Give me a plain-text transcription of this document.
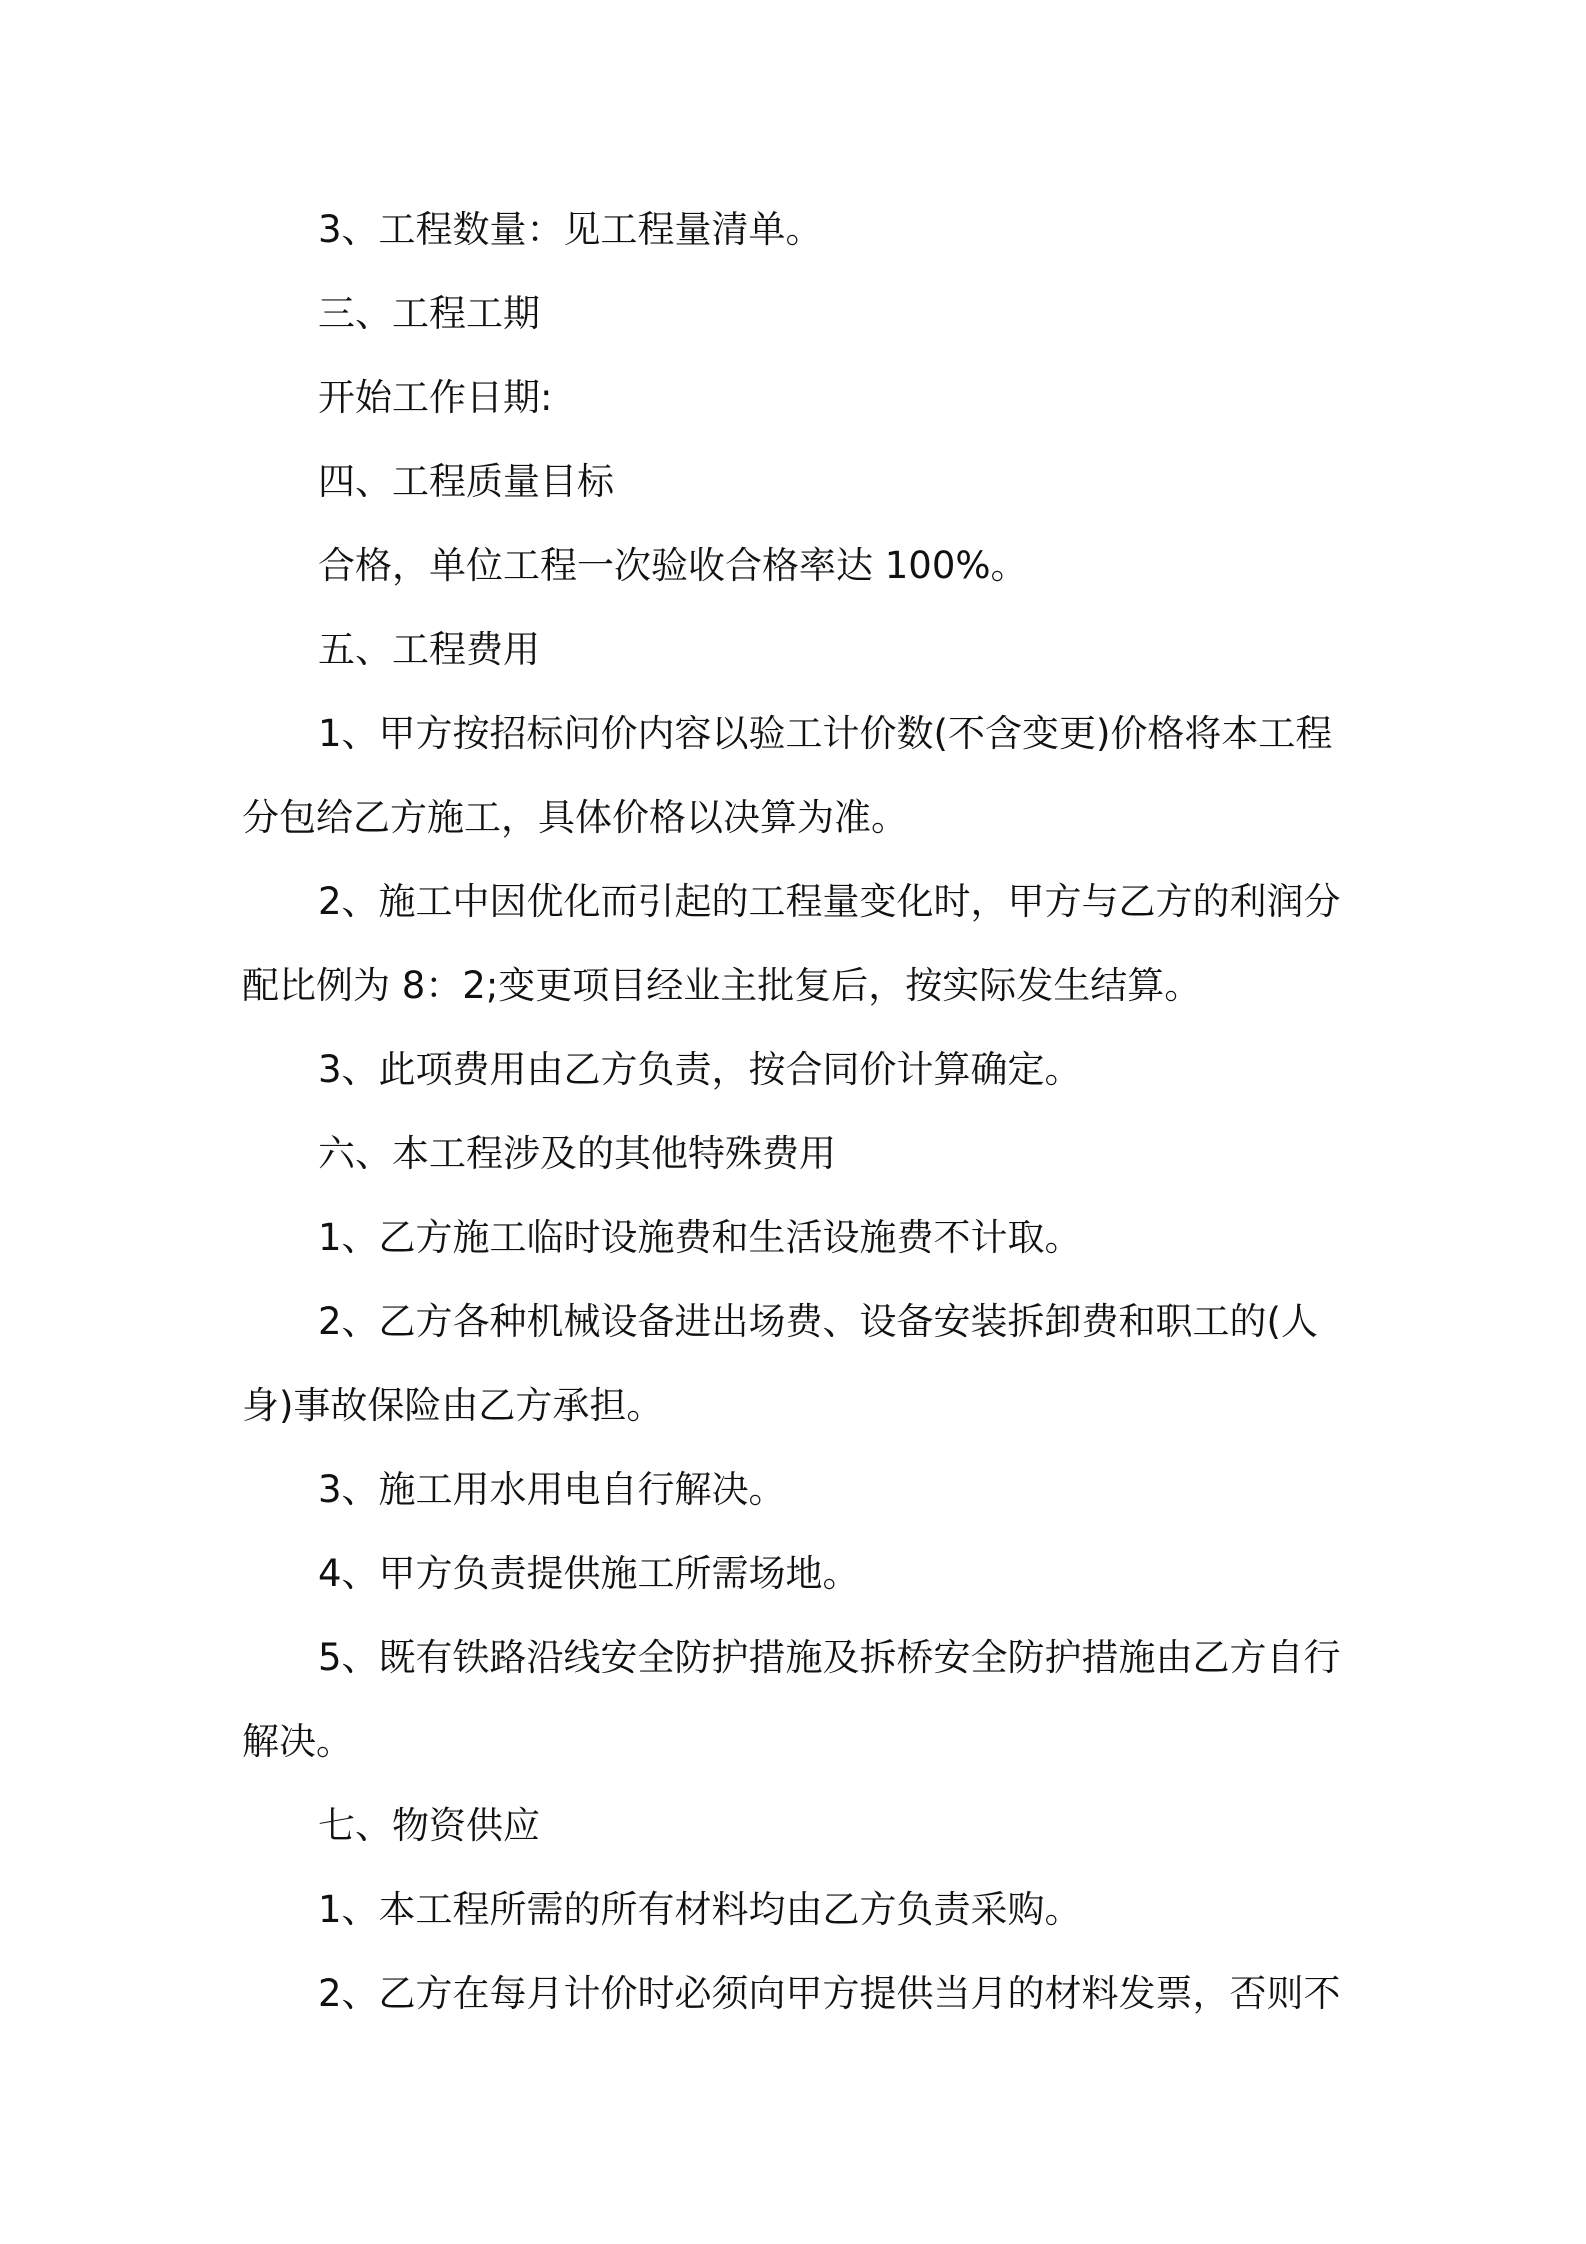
3、工程数量：见工程量清单。

三、工程工期

开始工作日期:

四、工程质量目标

合格，单位工程一次验收合格率达 100%。

五、工程费用

1、甲方按招标问价内容以验工计价数(不含变更)价格将本工程分包给乙方施工，具体价格以决算为准。

2、施工中因优化而引起的工程量变化时，甲方与乙方的利润分配比例为 8：2;变更项目经业主批复后，按实际发生结算。

3、此项费用由乙方负责，按合同价计算确定。

六、本工程涉及的其他特殊费用

1、乙方施工临时设施费和生活设施费不计取。

2、乙方各种机械设备进出场费、设备安装拆卸费和职工的(人身)事故保险由乙方承担。

3、施工用水用电自行解决。

4、甲方负责提供施工所需场地。

5、既有铁路沿线安全防护措施及拆桥安全防护措施由乙方自行解决。

七、物资供应

1、本工程所需的所有材料均由乙方负责采购。

2、乙方在每月计价时必须向甲方提供当月的材料发票，否则不
